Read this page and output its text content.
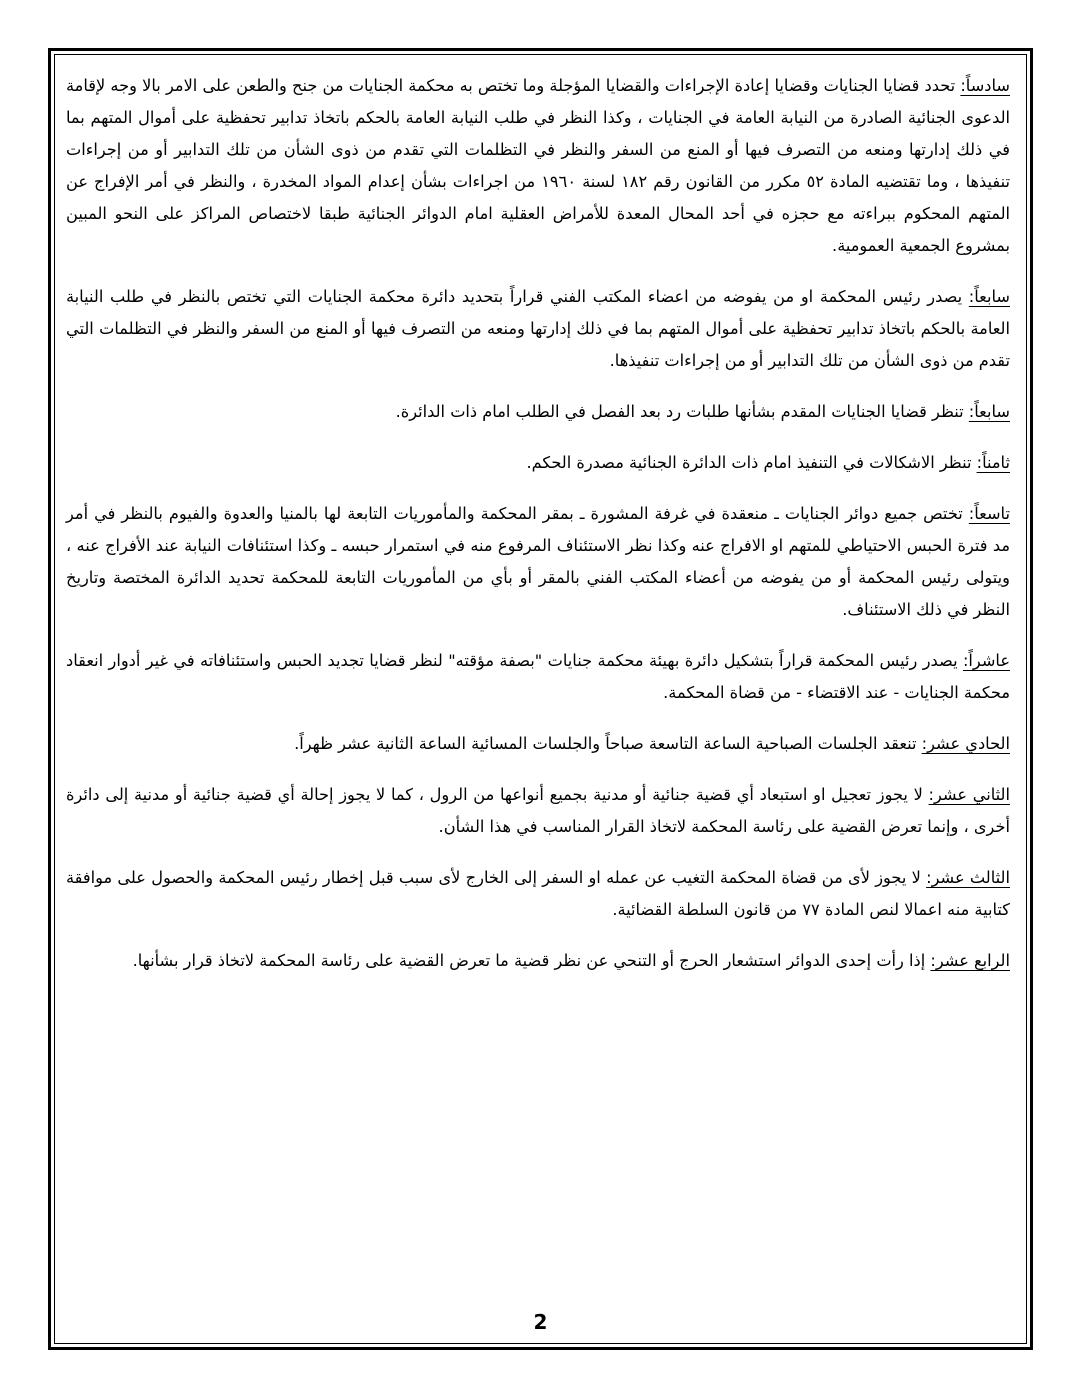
سادساً: تحدد قضايا الجنايات وقضايا إعادة الإجراءات والقضايا المؤجلة وما تختص به محكمة الجنايات من جنح والطعن على الامر بالا وجه لإقامة الدعوى الجنائية الصادرة من النيابة العامة في الجنايات ، وكذا النظر في طلب النيابة العامة بالحكم باتخاذ تدابير تحفظية على أموال المتهم بما في ذلك إدارتها ومنعه من التصرف فيها أو المنع من السفر والنظر في التظلمات التي تقدم من ذوى الشأن من تلك التدابير أو من إجراءات تنفيذها ، وما تقتضيه المادة ٥٢ مكرر من القانون رقم ١٨٢ لسنة ١٩٦٠ من اجراءات بشأن إعدام المواد المخدرة ، والنظر في أمر الإفراج عن المتهم المحكوم ببراءته مع حجزه في أحد المحال المعدة للأمراض العقلية امام الدوائر الجنائية طبقا لاختصاص المراكز على النحو المبين بمشروع الجمعية العمومية.

سابعاً: يصدر رئيس المحكمة او من يفوضه من اعضاء المكتب الفني قراراً بتحديد دائرة محكمة الجنايات التي تختص بالنظر في طلب النيابة العامة بالحكم باتخاذ تدابير تحفظية على أموال المتهم بما في ذلك إدارتها ومنعه من التصرف فيها أو المنع من السفر والنظر في التظلمات التي تقدم من ذوى الشأن من تلك التدابير أو من إجراءات تنفيذها.

سابعاً: تنظر قضايا الجنايات المقدم بشأنها طلبات رد بعد الفصل في الطلب امام ذات الدائرة.

ثامناً: تنظر الاشكالات في التنفيذ امام ذات الدائرة الجنائية مصدرة الحكم.

تاسعاً: تختص جميع دوائر الجنايات ـ منعقدة في غرفة المشورة ـ بمقر المحكمة والمأموريات التابعة لها بالمنيا والعدوة والفيوم بالنظر في أمر مد فترة الحبس الاحتياطي للمتهم او الافراج عنه وكذا نظر الاستئناف المرفوع منه في استمرار حبسه ـ وكذا استئنافات النيابة عند الأفراج عنه ، ويتولى رئيس المحكمة أو من يفوضه من أعضاء المكتب الفني بالمقر أو بأي من المأموريات التابعة للمحكمة تحديد الدائرة المختصة وتاريخ النظر في ذلك الاستئناف.

عاشراً: يصدر رئيس المحكمة قراراً بتشكيل دائرة بهيئة محكمة جنايات "بصفة مؤقته" لنظر قضايا تجديد الحبس واستئنافاته في غير أدوار انعقاد محكمة الجنايات - عند الاقتضاء - من قضاة المحكمة.

الحادي عشر: تنعقد الجلسات الصباحية الساعة التاسعة صباحاً والجلسات المسائية الساعة الثانية عشر ظهراً.

الثاني عشر: لا يجوز تعجيل او استبعاد أي قضية جنائية أو مدنية بجميع أنواعها من الرول ، كما لا يجوز إحالة أي قضية جنائية أو مدنية إلى دائرة أخرى ، وإنما تعرض القضية على رئاسة المحكمة لاتخاذ القرار المناسب في هذا الشأن.

الثالث عشر: لا يجوز لأى من قضاة المحكمة التغيب عن عمله او السفر إلى الخارج لأى سبب قبل إخطار رئيس المحكمة والحصول على موافقة كتابية منه اعمالا لنص المادة ٧٧ من قانون السلطة القضائية.

الرابع عشر: إذا رأت إحدى الدوائر استشعار الحرج أو التنحي عن نظر قضية ما تعرض القضية على رئاسة المحكمة لاتخاذ قرار بشأنها.

2
